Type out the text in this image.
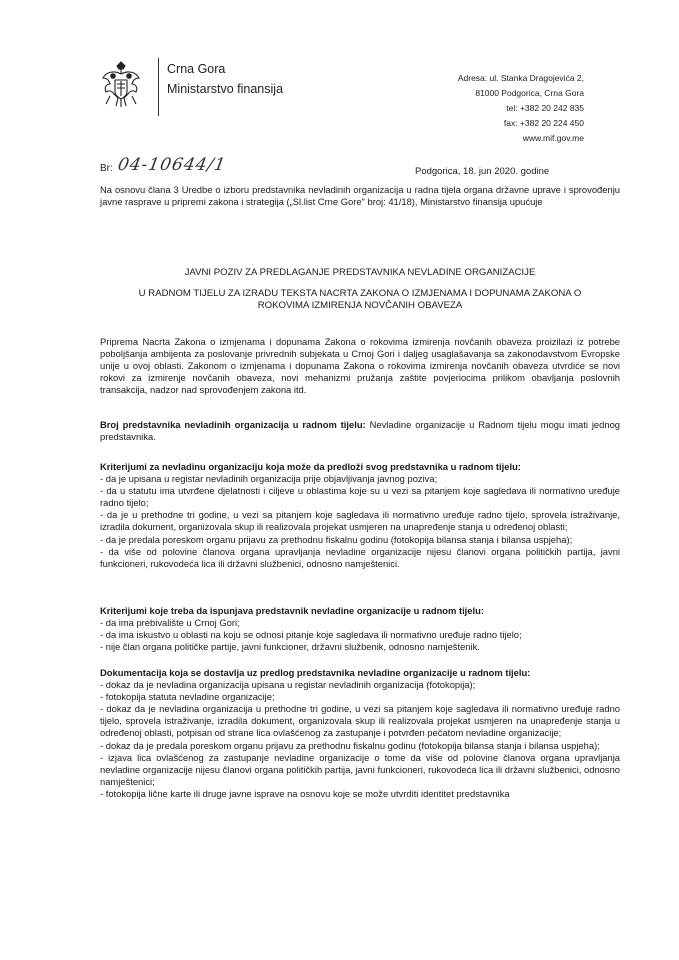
Crna Gora
Ministarstvo finansija
Adresa: ul. Stanka Dragojevića 2,
81000 Podgorica, Crna Gora
tel: +382 20 242 835
fax: +382 20 224 450
www.mif.gov.me
Br: 04-10644/1	Podgorica, 18. jun 2020. godine

Na osnovu člana 3 Uredbe o izboru predstavnika nevladinih organizacija u radna tijela organa državne uprave i sprovođenju javne rasprave u pripremi zakona i strategija („Sl.list Crne Gore" broj: 41/18), Ministarstvo finansija upućuje

JAVNI POZIV ZA PREDLAGANJE PREDSTAVNIKA NEVLADINE ORGANIZACIJE

U RADNOM TIJELU ZA IZRADU TEKSTA NACRTA ZAKONA O IZMJENAMA I DOPUNAMA ZAKONA O ROKOVIMA IZMIRENJA NOVČANIH OBAVEZA

Priprema Nacrta Zakona o izmjenama i dopunama Zakona o rokovima izmirenja novčanih obaveza proizilazi iz potrebe poboljšanja ambijenta za poslovanje privrednih subjekata u Crnoj Gori i daljeg usaglašavanja sa zakonodavstvom Evropske unije u ovoj oblasti. Zakonom o izmjenama i dopunama Zakona o rokovima izmirenja novčanih obaveza utvrdiće se novi rokovi za izmirenje novčanih obaveza, novi mehanizmi pružanja zaštite povjeriocima prilikom obavljanja poslovnih transakcija, nadzor nad sprovođenjem zakona itd.

Broj predstavnika nevladinih organizacija u radnom tijelu: Nevladine organizacije u Radnom tijelu mogu imati jednog predstavnika.

Kriterijumi za nevladinu organizaciju koja može da predloži svog predstavnika u radnom tijelu:
- da je upisana u registar nevladinih organizacija prije objavljivanja javnog poziva;
- da u statutu ima utvrđene djelatnosti i ciljeve u oblastima koje su u vezi sa pitanjem koje sagledava ili normativno uređuje radno tijelo;
- da je u prethodne tri godine, u vezi sa pitanjem koje sagledava ili normativno uređuje radno tijelo, sprovela istraživanje, izradila dokument, organizovala skup ili realizovala projekat usmjeren na unapređenje stanja u određenoj oblasti;
- da je predala poreskom organu prijavu za prethodnu fiskalnu godinu (fotokopija bilansa stanja i bilansa uspjeha);
- da više od polovine članova organa upravljanja nevladine organizacije nijesu članovi organa političkih partija, javni funkcioneri, rukovodeća lica ili državni službenici, odnosno namještenici.
Kriterijumi koje treba da ispunjava predstavnik nevladine organizacije u radnom tijelu:
- da ima prebivalište u Crnoj Gori;
- da ima iskustvo u oblasti na koju se odnosi pitanje koje sagledava ili normativno uređuje radno tijelo;
- nije član organa političke partije, javni funkcioner, državni službenik, odnosno namještenik.
Dokumentacija koja se dostavlja uz predlog predstavnika nevladine organizacije u radnom tijelu:
- dokaz da je nevladina organizacija upisana u registar nevladinih organizacija (fotokopija);
- fotokopija statuta nevladine organizacije;
- dokaz da je nevladina organizacija u prethodne tri godine, u vezi sa pitanjem koje sagledava ili normativno uređuje radno tijelo, sprovela istraživanje, izradila dokument, organizovala skup ili realizovala projekat usmjeren na unapređenje stanja u određenoj oblasti, potpisan od strane lica ovlašćenog za zastupanje i potvrđen pečatom nevladine organizacije;
- dokaz da je predala poreskom organu prijavu za prethodnu fiskalnu godinu (fotokopija bilansa stanja i bilansa uspjeha);
- izjava lica ovlašćenog za zastupanje nevladine organizacije o tome da više od polovine članova organa upravljanja nevladine organizacije nijesu članovi organa političkih partija, javni funkcioneri, rukovodeća lica ili državni službenici, odnosno namještenici;
- fotokopija lične karte ili druge javne isprave na osnovu koje se može utvrditi identitet predstavnika
